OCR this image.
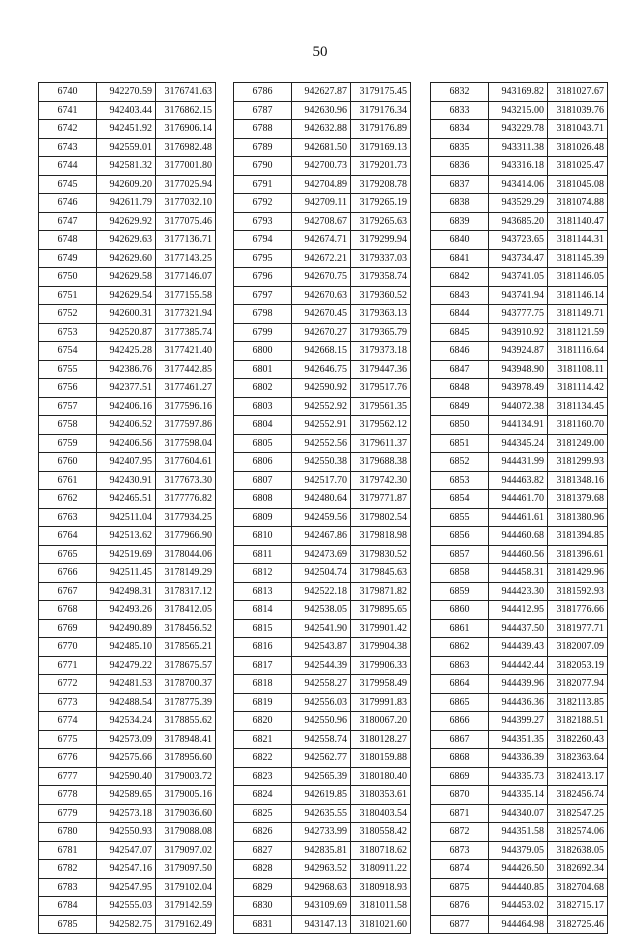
50
6740	942270.59	3176741.63
6741	942403.44	3176862.15
6742	942451.92	3176906.14
6743	942559.01	3176982.48
6744	942581.32	3177001.80
6745	942609.20	3177025.94
6746	942611.79	3177032.10
6747	942629.92	3177075.46
6748	942629.63	3177136.71
6749	942629.60	3177143.25
6750	942629.58	3177146.07
6751	942629.54	3177155.58
6752	942600.31	3177321.94
6753	942520.87	3177385.74
6754	942425.28	3177421.40
6755	942386.76	3177442.85
6756	942377.51	3177461.27
6757	942406.16	3177596.16
6758	942406.52	3177597.86
6759	942406.56	3177598.04
6760	942407.95	3177604.61
6761	942430.91	3177673.30
6762	942465.51	3177776.82
6763	942511.04	3177934.25
6764	942513.62	3177966.90
6765	942519.69	3178044.06
6766	942511.45	3178149.29
6767	942498.31	3178317.12
6768	942493.26	3178412.05
6769	942490.89	3178456.52
6770	942485.10	3178565.21
6771	942479.22	3178675.57
6772	942481.53	3178700.37
6773	942488.54	3178775.39
6774	942534.24	3178855.62
6775	942573.09	3178948.41
6776	942575.66	3178956.60
6777	942590.40	3179003.72
6778	942589.65	3179005.16
6779	942573.18	3179036.60
6780	942550.93	3179088.08
6781	942547.07	3179097.02
6782	942547.16	3179097.50
6783	942547.95	3179102.04
6784	942555.03	3179142.59
6785	942582.75	3179162.49
6786	942627.87	3179175.45
6787	942630.96	3179176.34
6788	942632.88	3179176.89
6789	942681.50	3179169.13
6790	942700.73	3179201.73
6791	942704.89	3179208.78
6792	942709.11	3179265.19
6793	942708.67	3179265.63
6794	942674.71	3179299.94
6795	942672.21	3179337.03
6796	942670.75	3179358.74
6797	942670.63	3179360.52
6798	942670.45	3179363.13
6799	942670.27	3179365.79
6800	942668.15	3179373.18
6801	942646.75	3179447.36
6802	942590.92	3179517.76
6803	942552.92	3179561.35
6804	942552.91	3179562.12
6805	942552.56	3179611.37
6806	942550.38	3179688.38
6807	942517.70	3179742.30
6808	942480.64	3179771.87
6809	942459.56	3179802.54
6810	942467.86	3179818.98
6811	942473.69	3179830.52
6812	942504.74	3179845.63
6813	942522.18	3179871.82
6814	942538.05	3179895.65
6815	942541.90	3179901.42
6816	942543.87	3179904.38
6817	942544.39	3179906.33
6818	942558.27	3179958.49
6819	942556.03	3179991.83
6820	942550.96	3180067.20
6821	942558.74	3180128.27
6822	942562.77	3180159.88
6823	942565.39	3180180.40
6824	942619.85	3180353.61
6825	942635.55	3180403.54
6826	942733.99	3180558.42
6827	942835.81	3180718.62
6828	942963.52	3180911.22
6829	942968.63	3180918.93
6830	943109.69	3181011.58
6831	943147.13	3181021.60
6832	943169.82	3181027.67
6833	943215.00	3181039.76
6834	943229.78	3181043.71
6835	943311.38	3181026.48
6836	943316.18	3181025.47
6837	943414.06	3181045.08
6838	943529.29	3181074.88
6839	943685.20	3181140.47
6840	943723.65	3181144.31
6841	943734.47	3181145.39
6842	943741.05	3181146.05
6843	943741.94	3181146.14
6844	943777.75	3181149.71
6845	943910.92	3181121.59
6846	943924.87	3181116.64
6847	943948.90	3181108.11
6848	943978.49	3181114.42
6849	944072.38	3181134.45
6850	944134.91	3181160.70
6851	944345.24	3181249.00
6852	944431.99	3181299.93
6853	944463.82	3181348.16
6854	944461.70	3181379.68
6855	944461.61	3181380.96
6856	944460.68	3181394.85
6857	944460.56	3181396.61
6858	944458.31	3181429.96
6859	944423.30	3181592.93
6860	944412.95	3181776.66
6861	944437.50	3181977.71
6862	944439.43	3182007.09
6863	944442.44	3182053.19
6864	944439.96	3182077.94
6865	944436.36	3182113.85
6866	944399.27	3182188.51
6867	944351.35	3182260.43
6868	944336.39	3182363.64
6869	944335.73	3182413.17
6870	944335.14	3182456.74
6871	944340.07	3182547.25
6872	944351.58	3182574.06
6873	944379.05	3182638.05
6874	944426.50	3182692.34
6875	944440.85	3182704.68
6876	944453.02	3182715.17
6877	944464.98	3182725.46
